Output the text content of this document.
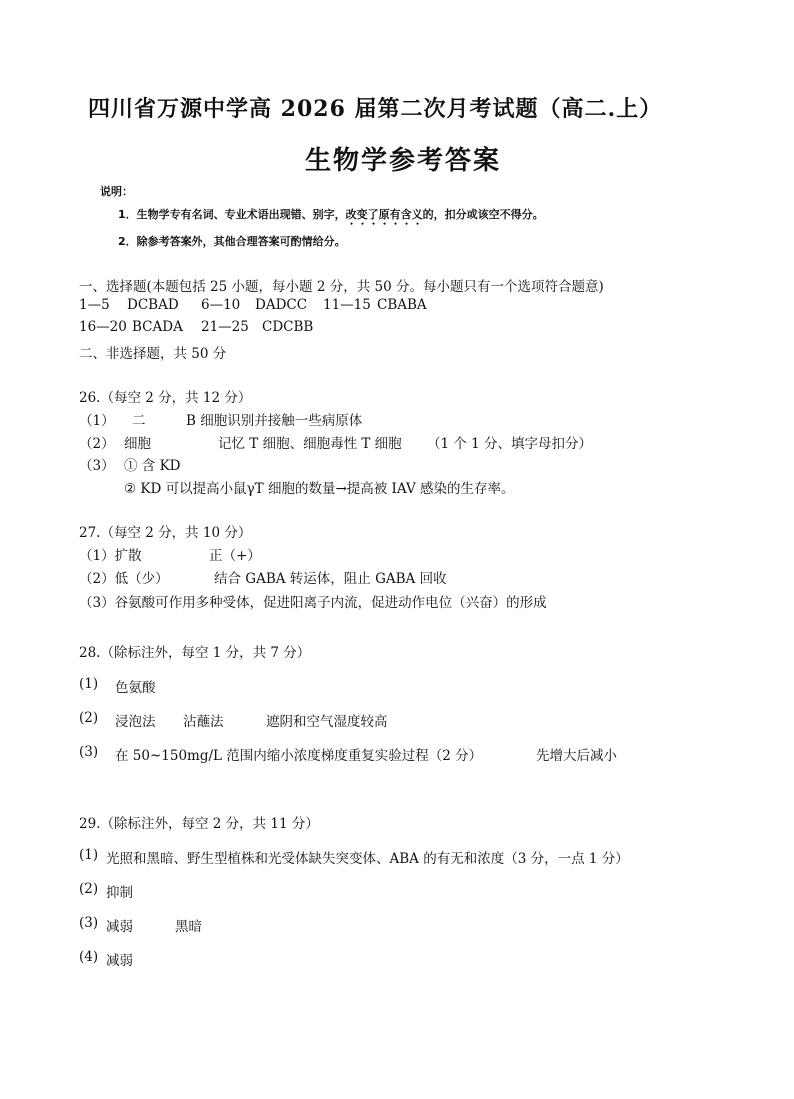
四川省万源中学高 2026 届第二次月考试题（高二.上）
生物学参考答案
说明：
1．生物学专有名词、专业术语出现错、别字，改变了原有含义的，扣分或该空不得分。
2．除参考答案外，其他合理答案可酌情给分。
一、选择题(本题包括 25 小题，每小题 2 分，共 50 分。每小题只有一个选项符合题意)
1—5 DCBAD 6—10 DADCC 11—15 CBABA
16—20 BCADA 21—25 CDCBB
二、非选择题，共 50 分
26.（每空 2 分，共 12 分）
（1） 二	B 细胞识别并接触一些病原体
（2） 细胞	记忆 T 细胞、细胞毒性 T 细胞 （1 个 1 分、填字母扣分）
（3） ① 含 KD
② KD 可以提高小鼠γT 细胞的数量→提高被 IAV 感染的生存率。
27.（每空 2 分，共 10 分）
（1）扩散	正（+）
（2）低（少）	结合 GABA 转运体，阻止 GABA 回收
（3）谷氨酸可作用多种受体，促进阳离子内流，促进动作电位（兴奋）的形成
28.（除标注外，每空 1 分，共 7 分）
(1) 色氨酸
(2) 浸泡法 沾蘸法	遮阴和空气湿度较高
(3) 在 50~150mg/L 范围内缩小浓度梯度重复实验过程（2 分）	先增大后减小
29.（除标注外，每空 2 分，共 11 分）
(1) 光照和黑暗、野生型植株和光受体缺失突变体、ABA 的有无和浓度（3 分，一点 1 分）
(2) 抑制
(3) 减弱	黑暗
(4) 减弱
